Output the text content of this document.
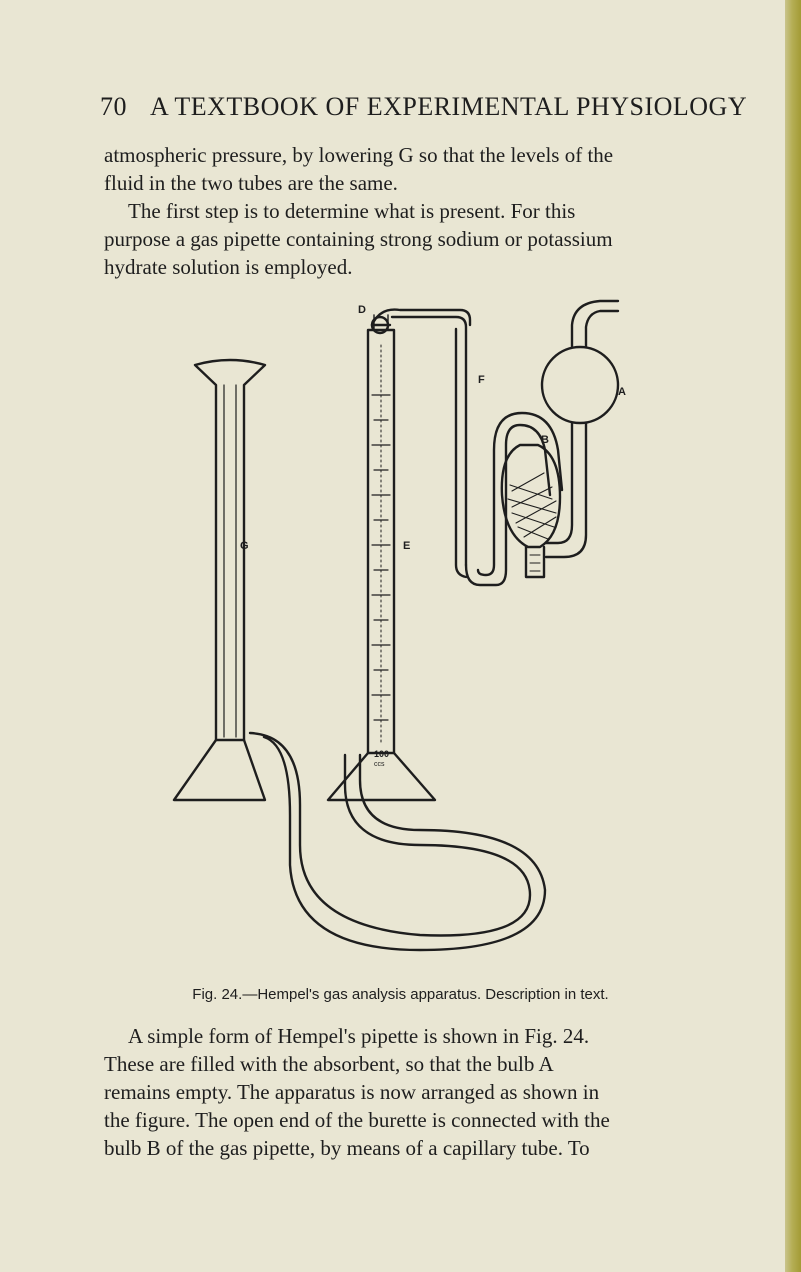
70 A TEXTBOOK OF EXPERIMENTAL PHYSIOLOGY
atmospheric pressure, by lowering G so that the levels of the
fluid in the two tubes are the same.
The first step is to determine what is present. For this
purpose a gas pipette containing strong sodium or potassium
hydrate solution is employed.
D
F
A
B
G	E
100
ccs
Fig. 24.—Hempel's gas analysis apparatus. Description in text.
A simple form of Hempel's pipette is shown in Fig. 24.
These are filled with the absorbent, so that the bulb A
remains empty. The apparatus is now arranged as shown in
the figure. The open end of the burette is connected with the
bulb B of the gas pipette, by means of a capillary tube. To
